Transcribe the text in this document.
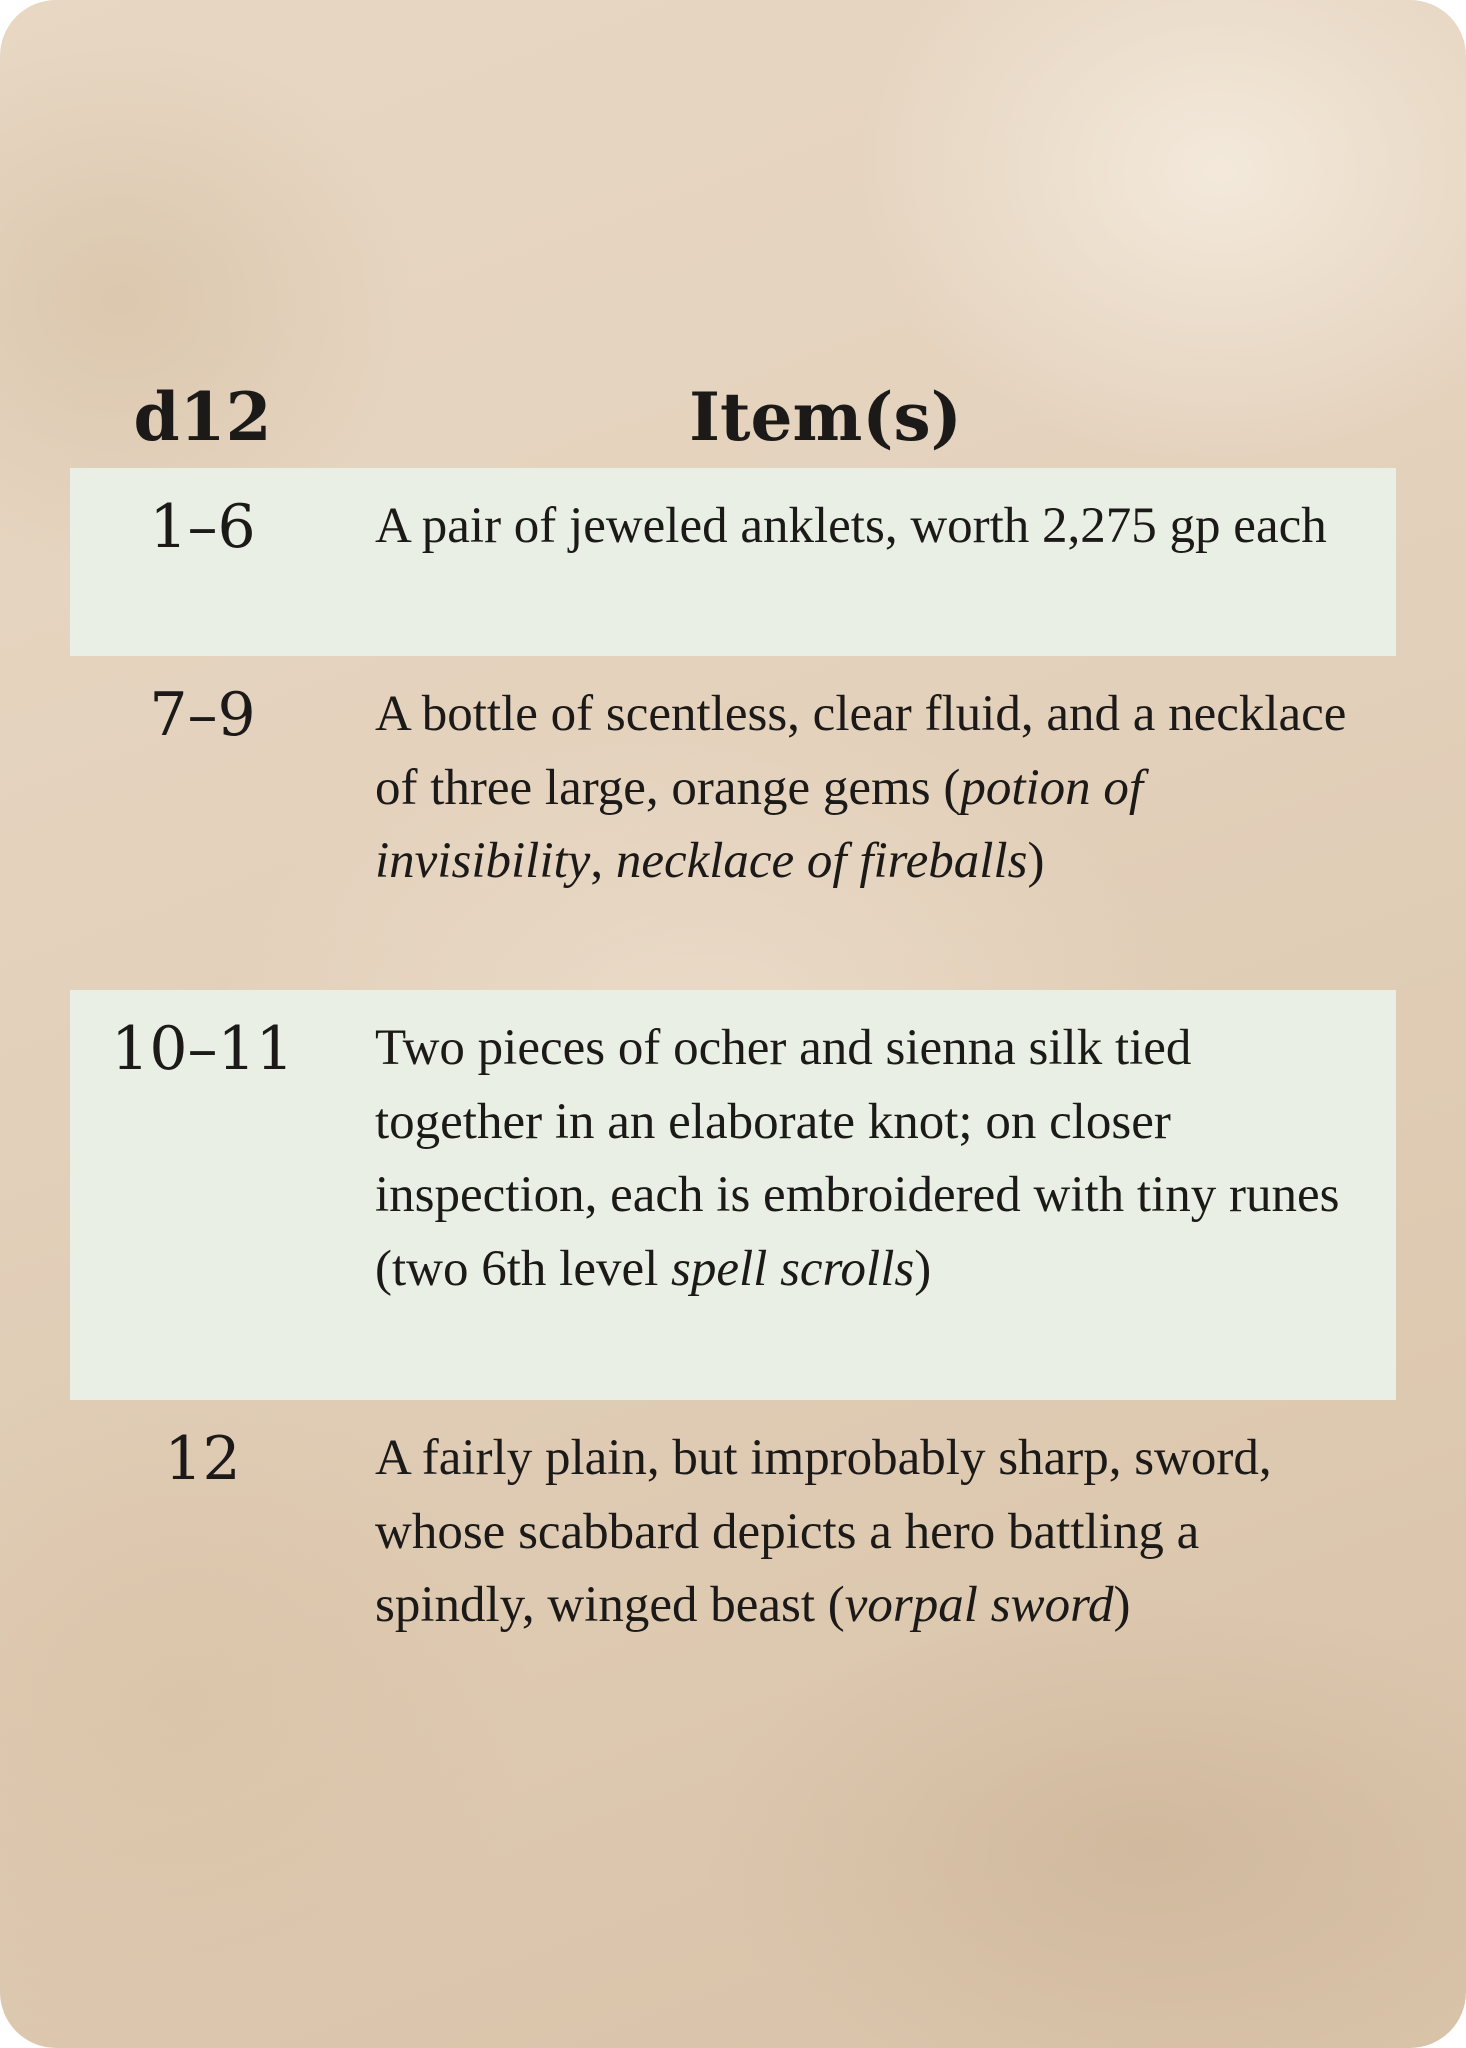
d12	Item(s)
1–6	A pair of jeweled anklets, worth 2,275 gp each
7–9	A bottle of scentless, clear fluid, and a necklace of three large, orange gems (potion of invisibility, necklace of fireballs)
10–11	Two pieces of ocher and sienna silk tied together in an elaborate knot; on closer inspection, each is embroidered with tiny runes (two 6th level spell scrolls)
12	A fairly plain, but improbably sharp, sword, whose scabbard depicts a hero battling a spindly, winged beast (vorpal sword)
